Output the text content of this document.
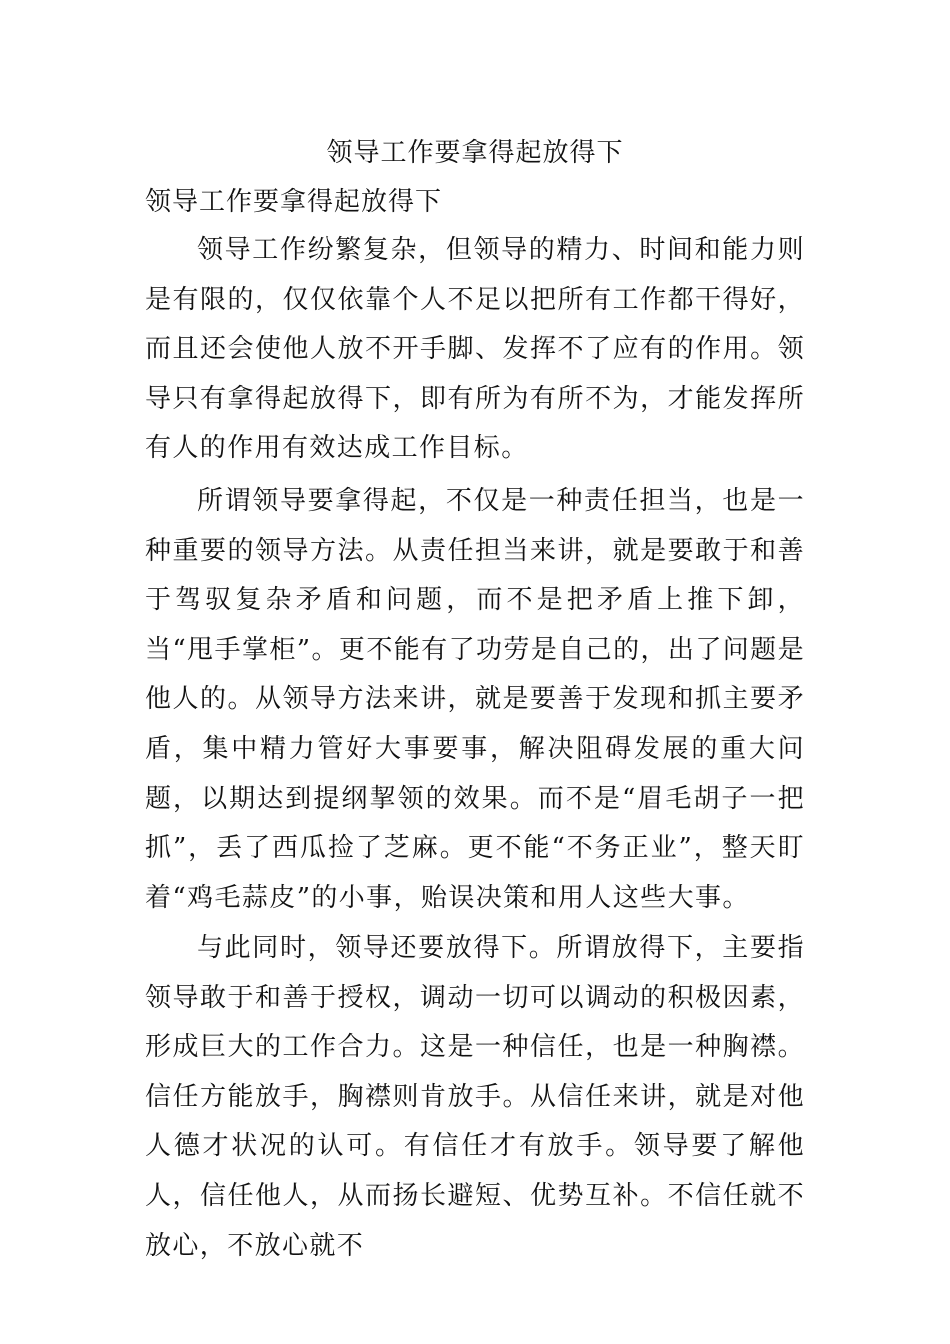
领导工作要拿得起放得下
领导工作要拿得起放得下

领导工作纷繁复杂，但领导的精力、时间和能力则是有限的，仅仅依靠个人不足以把所有工作都干得好，而且还会使他人放不开手脚、发挥不了应有的作用。领导只有拿得起放得下，即有所为有所不为，才能发挥所有人的作用有效达成工作目标。

所谓领导要拿得起，不仅是一种责任担当，也是一种重要的领导方法。从责任担当来讲，就是要敢于和善于驾驭复杂矛盾和问题，而不是把矛盾上推下卸，当“甩手掌柜”。更不能有了功劳是自己的，出了问题是他人的。从领导方法来讲，就是要善于发现和抓主要矛盾，集中精力管好大事要事，解决阻碍发展的重大问题，以期达到提纲挈领的效果。而不是“眉毛胡子一把抓”，丢了西瓜捡了芝麻。更不能“不务正业”，整天盯着“鸡毛蒜皮”的小事，贻误决策和用人这些大事。

与此同时，领导还要放得下。所谓放得下，主要指领导敢于和善于授权，调动一切可以调动的积极因素，形成巨大的工作合力。这是一种信任，也是一种胸襟。信任方能放手，胸襟则肯放手。从信任来讲，就是对他人德才状况的认可。有信任才有放手。领导要了解他人，信任他人，从而扬长避短、优势互补。不信任就不放心，不放心就不
